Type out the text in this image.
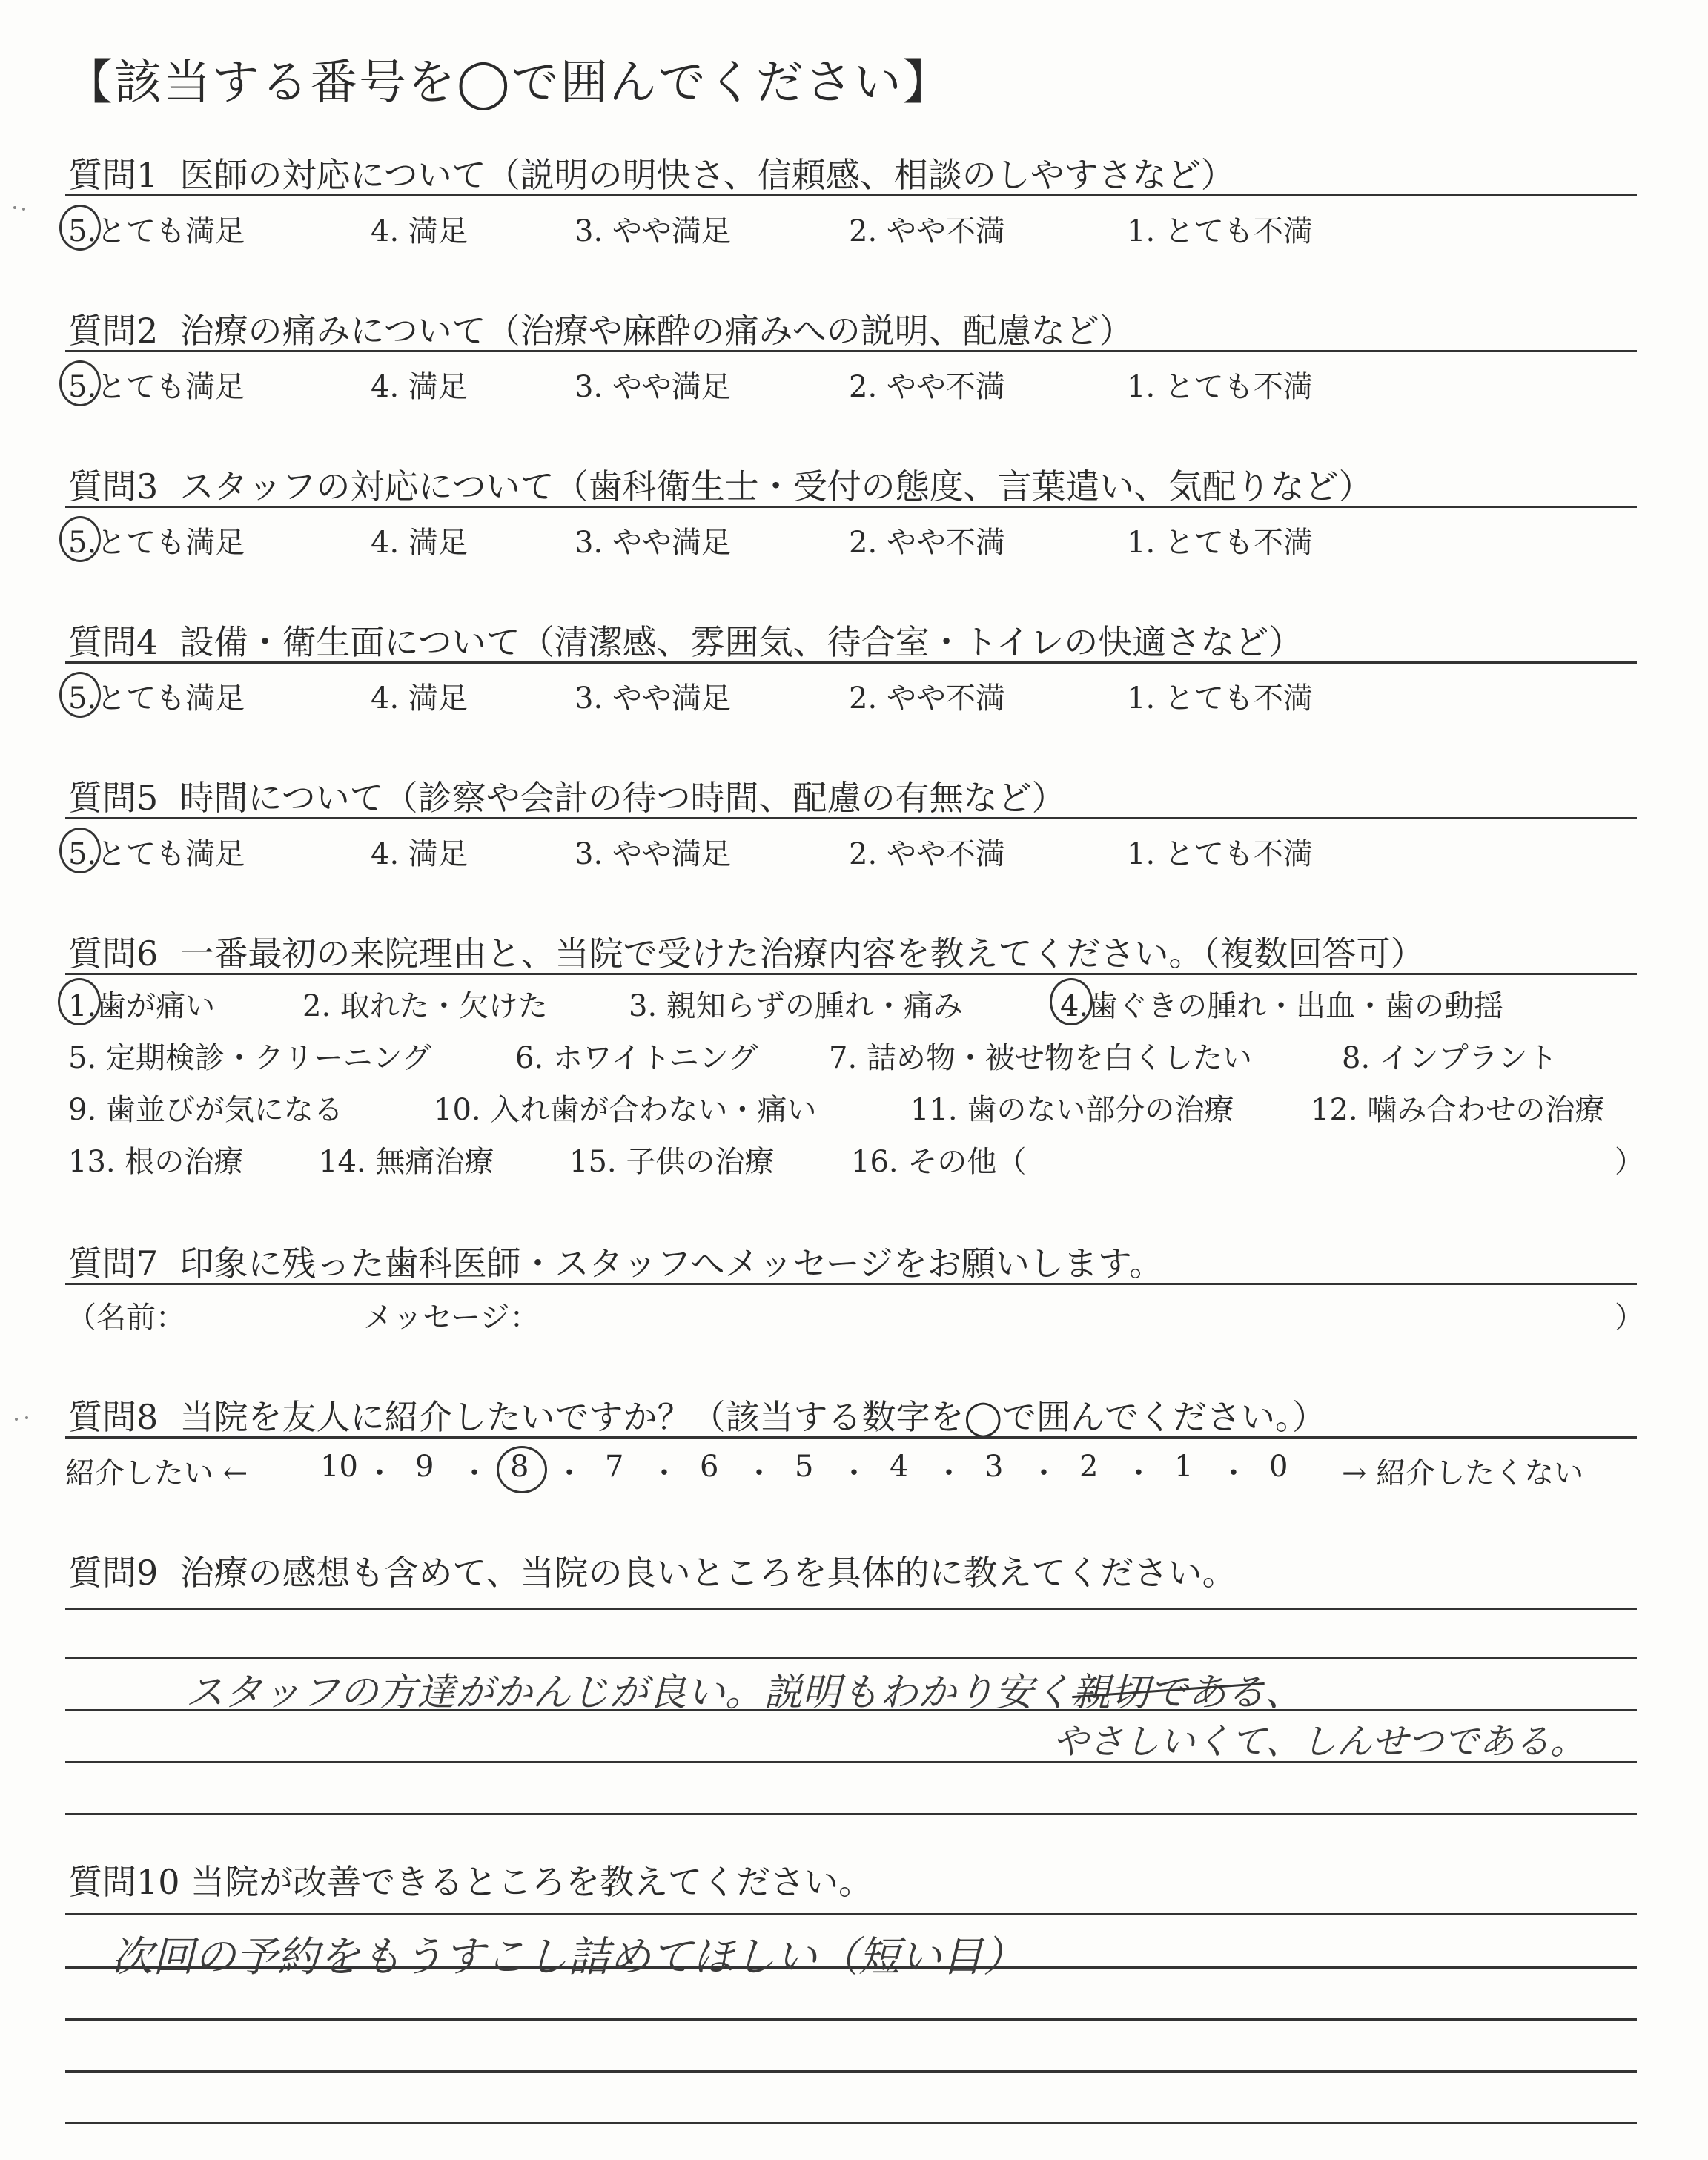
【該当する番号を◯で囲んでください】
質問1 医師の対応について（説明の明快さ、信頼感、相談のしやすさなど）
5.とても満足	4. 満足	3. やや満足	2. やや不満	1. とても不満
質問2 治療の痛みについて（治療や麻酔の痛みへの説明、配慮など）
5.とても満足	4. 満足	3. やや満足	2. やや不満	1. とても不満
質問3 スタッフの対応について（歯科衛生士・受付の態度、言葉遣い、気配りなど）
5.とても満足	4. 満足	3. やや満足	2. やや不満	1. とても不満
質問4 設備・衛生面について（清潔感、雰囲気、待合室・トイレの快適さなど）
5.とても満足	4. 満足	3. やや満足	2. やや不満	1. とても不満
質問5 時間について（診察や会計の待つ時間、配慮の有無など）
5.とても満足	4. 満足	3. やや満足	2. やや不満	1. とても不満
質問6 一番最初の来院理由と、当院で受けた治療内容を教えてください。（複数回答可）
1.歯が痛い	2. 取れた・欠けた	3. 親知らずの腫れ・痛み	4.歯ぐきの腫れ・出血・歯の動揺
5. 定期検診・クリーニング	6. ホワイトニング 7. 詰め物・被せ物を白くしたい	8. インプラント
9. 歯並びが気になる	10. 入れ歯が合わない・痛い	11. 歯のない部分の治療	12. 噛み合わせの治療
13. 根の治療	14. 無痛治療	15. 子供の治療	16. その他（	）
質問7 印象に残った歯科医師・スタッフへメッセージをお願いします。
（名前：	メッセージ：	）
質問8 当院を友人に紹介したいですか？（該当する数字を◯で囲んでください。）
紹介したい ← 10 ・ 9 ・ 8 ・ 7 ・ 6 ・ 5 ・ 4 ・ 3 ・ 2 ・ 1 ・ 0 → 紹介したくない
質問9 治療の感想も含めて、当院の良いところを具体的に教えてください。
スタッフの方達がかんじが良い。説明もわかり安く親切である
、
やさしいくて、しんせつである。
質問10 当院が改善できるところを教えてください。
次回の予約をもうすこし詰めてほしい（短い目）
